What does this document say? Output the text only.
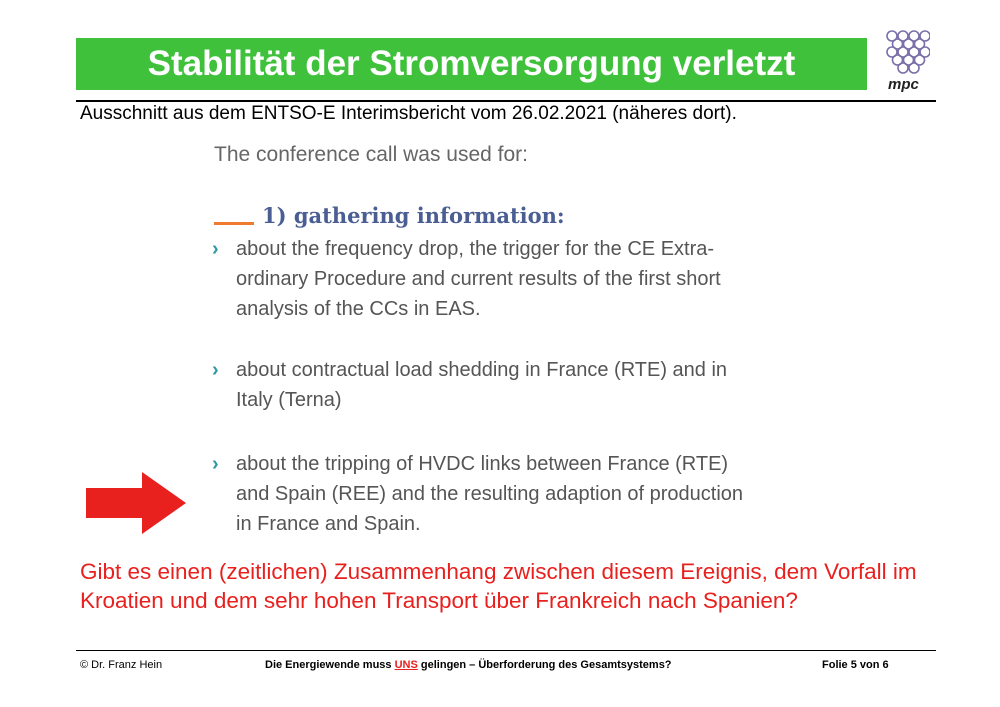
Stabilität der Stromversorgung verletzt
mpc
Ausschnitt aus dem ENTSO-E Interimsbericht vom 26.02.2021 (näheres dort).
The conference call was used for:
1) gathering information:
› about the frequency drop, the trigger for the CE Extra-
ordinary Procedure and current results of the first short
analysis of the CCs in EAS.
› about contractual load shedding in France (RTE) and in
Italy (Terna)
› about the tripping of HVDC links between France (RTE)
and Spain (REE) and the resulting adaption of production
in France and Spain.
Gibt es einen (zeitlichen) Zusammenhang zwischen diesem Ereignis, dem Vorfall im Kroatien und dem sehr hohen Transport über Frankreich nach Spanien?
© Dr. Franz Hein	Die Energiewende muss UNS gelingen – Überforderung des Gesamtsystems?	Folie 5 von 6
